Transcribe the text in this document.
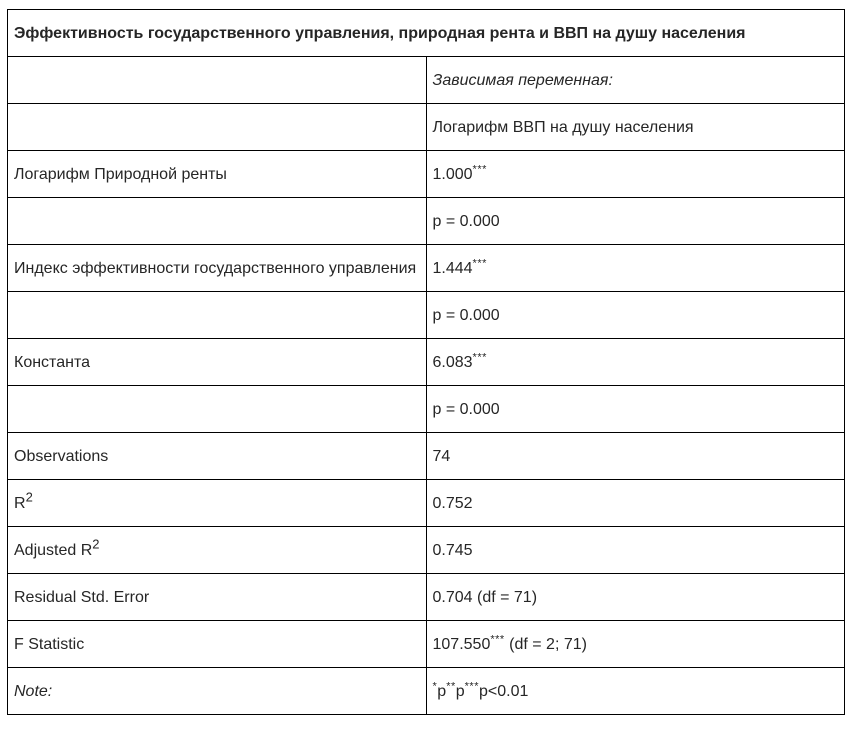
Эффективность государственного управления, природная рента и ВВП на душу населения	
	Зависимая переменная:
	Логарифм ВВП на душу населения
Логарифм Природной ренты	1.000***
	p = 0.000
Индекс эффективности государственного управления	1.444***
	p = 0.000
Константа	6.083***
	p = 0.000
Observations	74
$R^2$	0.752
Adjusted $R^2$	0.745
Residual Std. Error	0.704 (df = 71)
F Statistic	107.550*** (df = 2; 71)
Note:	*p**p***p<0.01
